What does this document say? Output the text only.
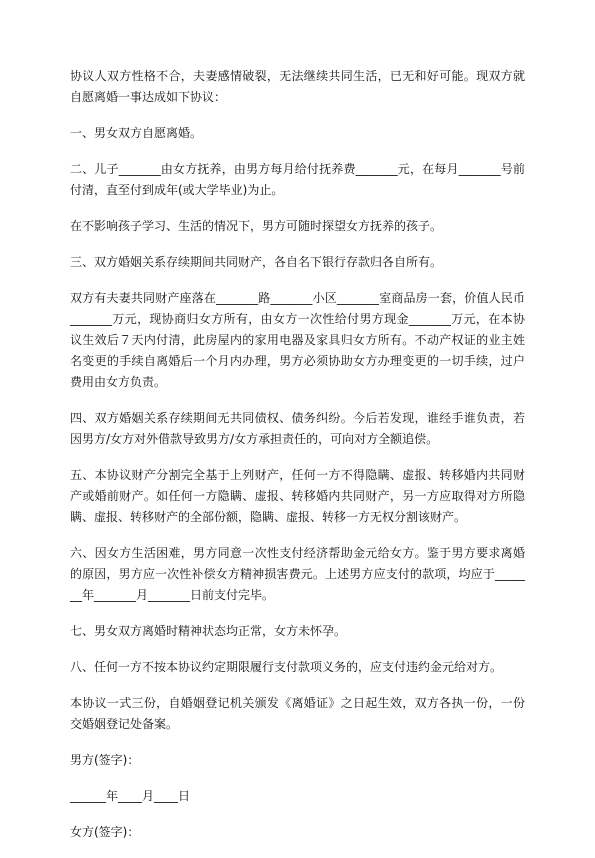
协议人双方性格不合，夫妻感情破裂，无法继续共同生活，已无和好可能。现双方就自愿离婚一事达成如下协议：

一、男女双方自愿离婚。

二、儿子_______由女方抚养，由男方每月给付抚养费_______元，在每月_______号前付清，直至付到成年(或大学毕业)为止。

在不影响孩子学习、生活的情况下，男方可随时探望女方抚养的孩子。

三、双方婚姻关系存续期间共同财产，各自名下银行存款归各自所有。

双方有夫妻共同财产座落在_______路_______小区_______室商品房一套，价值人民币_______万元，现协商归女方所有，由女方一次性给付男方现金_______万元，在本协议生效后７天内付清，此房屋内的家用电器及家具归女方所有。不动产权证的业主姓名变更的手续自离婚后一个月内办理，男方必须协助女方办理变更的一切手续，过户费用由女方负责。

四、双方婚姻关系存续期间无共同债权、债务纠纷。今后若发现，谁经手谁负责，若因男方/女方对外借款导致男方/女方承担责任的，可向对方全额追偿。

五、本协议财产分割完全基于上列财产，任何一方不得隐瞒、虚报、转移婚内共同财产或婚前财产。如任何一方隐瞒、虚报、转移婚内共同财产，另一方应取得对方所隐瞒、虚报、转移财产的全部份额，隐瞒、虚报、转移一方无权分割该财产。

六、因女方生活困难，男方同意一次性支付经济帮助金元给女方。鉴于男方要求离婚的原因，男方应一次性补偿女方精神损害费元。上述男方应支付的款项，均应于_______年_______月_______日前支付完毕。

七、男女双方离婚时精神状态均正常，女方未怀孕。

八、任何一方不按本协议约定期限履行支付款项义务的，应支付违约金元给对方。

本协议一式三份，自婚姻登记机关颁发《离婚证》之日起生效，双方各执一份，一份交婚姻登记处备案。

男方(签字)：

______年____月____日

女方(签字)：
